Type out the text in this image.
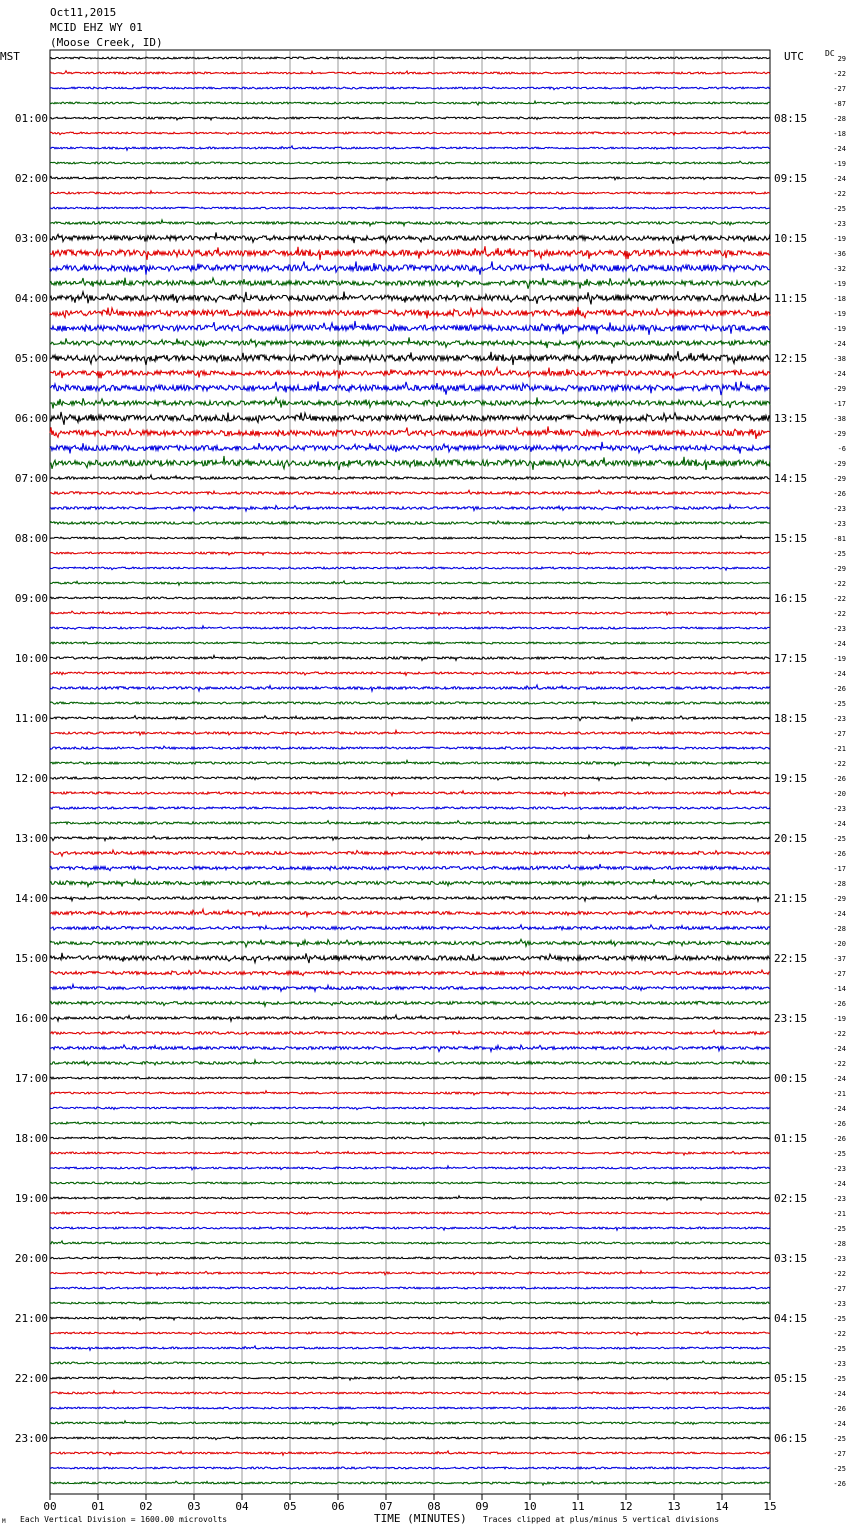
Oct11,2015
MCID EHZ WY 01
(Moose Creek, ID)
MST	UTC	DC
00	01	02	03	04	05	06	07	08	09	10	11	12	13	14	15
29
-22
-27
-87
-28
-18
-24
-19
-24
-22
-25
-23
-19
-36
-32
-19
-18
-19
-19
-24
-38
-24
-29
-17
-38
-29
-6
-29
-29
-26
-23
-23
-81
-25
-29
-22
-22
-22
-23
-24
-19
-24
-26
-25
-23
-27
-21
-22
-26
-20
-23
-24
-25
-26
-17
-28
-29
-24
-28
-20
-37
-27
-14
-26
-19
-22
-24
-22
-24
-21
-24
-26
-26
-25
-23
-24
-23
-21
-25
-28
-23
-22
-27
-23
-25
-22
-25
-23
-25
-24
-26
-24
-25
-27
-25
-26
01:00
02:00
03:00
04:00
05:00
06:00
07:00
08:00
09:00
10:00
11:00
12:00
13:00
14:00
15:00
16:00
17:00
18:00
19:00
20:00
21:00
22:00
23:00
08:15
09:15
10:15
11:15
12:15
13:15
14:15
15:15
16:15
17:15
18:15
19:15
20:15
21:15
22:15
23:15
00:15
01:15
02:15
03:15
04:15
05:15
06:15
M Each Vertical Division = 1600.00 microvolts	TIME (MINUTES) Traces clipped at plus/minus 5 vertical divisions
